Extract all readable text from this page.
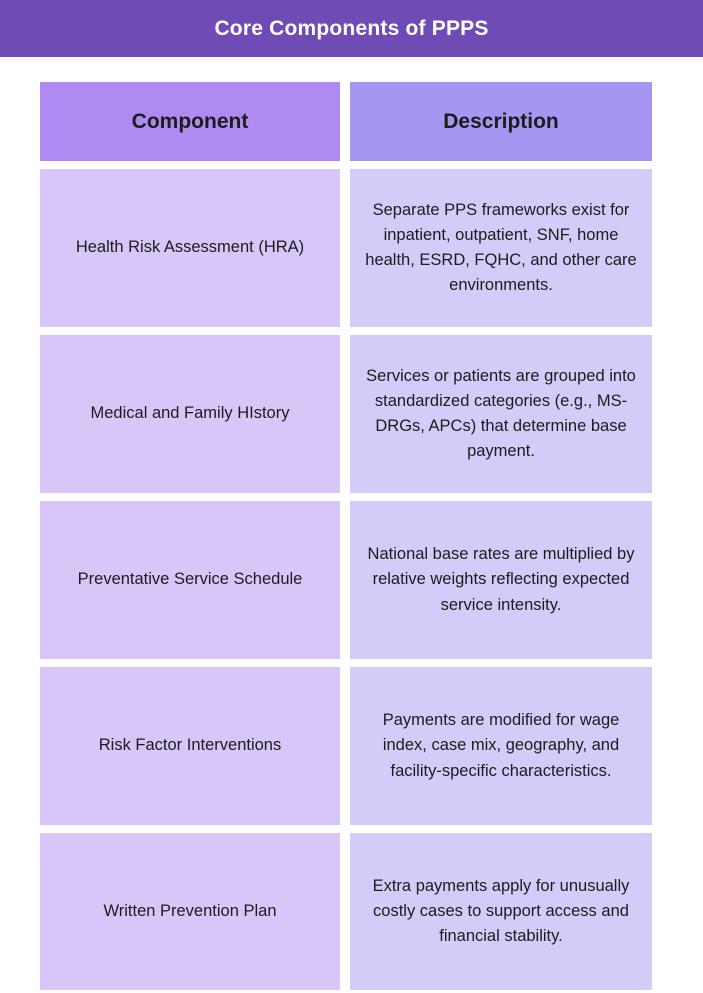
Core Components of PPPS
Component	Description
Health Risk Assessment (HRA)
Separate PPS frameworks exist for inpatient, outpatient, SNF, home health, ESRD, FQHC, and other care environments.
Medical and Family HIstory
Services or patients are grouped into standardized categories (e.g., MS-DRGs, APCs) that determine base payment.
Preventative Service Schedule
National base rates are multiplied by relative weights reflecting expected service intensity.
Risk Factor Interventions
Payments are modified for wage index, case mix, geography, and facility-specific characteristics.
Written Prevention Plan
Extra payments apply for unusually costly cases to support access and financial stability.
